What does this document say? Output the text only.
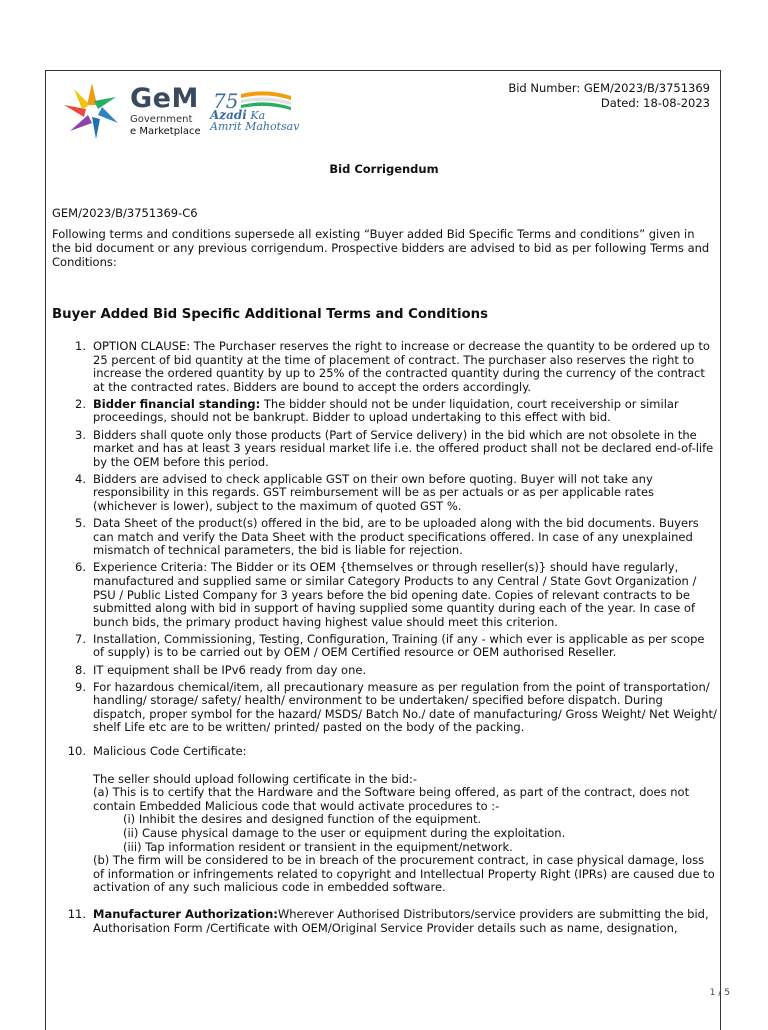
GeM
Government
e Marketplace
75
Azadi Ka
Amrit Mahotsav
Bid Number: GEM/2023/B/3751369
Dated: 18-08-2023
Bid Corrigendum
GEM/2023/B/3751369-C6
Following terms and conditions supersede all existing “Buyer added Bid Specific Terms and conditions” given in the bid document or any previous corrigendum. Prospective bidders are advised to bid as per following Terms and Conditions:
Buyer Added Bid Specific Additional Terms and Conditions
1. OPTION CLAUSE: The Purchaser reserves the right to increase or decrease the quantity to be ordered up to 25 percent of bid quantity at the time of placement of contract. The purchaser also reserves the right to increase the ordered quantity by up to 25% of the contracted quantity during the currency of the contract at the contracted rates. Bidders are bound to accept the orders accordingly.
2. Bidder financial standing: The bidder should not be under liquidation, court receivership or similar proceedings, should not be bankrupt. Bidder to upload undertaking to this effect with bid.
3. Bidders shall quote only those products (Part of Service delivery) in the bid which are not obsolete in the market and has at least 3 years residual market life i.e. the offered product shall not be declared end-of-life by the OEM before this period.
4. Bidders are advised to check applicable GST on their own before quoting. Buyer will not take any responsibility in this regards. GST reimbursement will be as per actuals or as per applicable rates (whichever is lower), subject to the maximum of quoted GST %.
5. Data Sheet of the product(s) offered in the bid, are to be uploaded along with the bid documents. Buyers can match and verify the Data Sheet with the product specifications offered. In case of any unexplained mismatch of technical parameters, the bid is liable for rejection.
6. Experience Criteria: The Bidder or its OEM {themselves or through reseller(s)} should have regularly, manufactured and supplied same or similar Category Products to any Central / State Govt Organization / PSU / Public Listed Company for 3 years before the bid opening date. Copies of relevant contracts to be submitted along with bid in support of having supplied some quantity during each of the year. In case of bunch bids, the primary product having highest value should meet this criterion.
7. Installation, Commissioning, Testing, Configuration, Training (if any - which ever is applicable as per scope of supply) is to be carried out by OEM / OEM Certified resource or OEM authorised Reseller.
8. IT equipment shall be IPv6 ready from day one.
9. For hazardous chemical/item, all precautionary measure as per regulation from the point of transportation/ handling/ storage/ safety/ health/ environment to be undertaken/ specified before dispatch. During dispatch, proper symbol for the hazard/ MSDS/ Batch No./ date of manufacturing/ Gross Weight/ Net Weight/ shelf Life etc are to be written/ printed/ pasted on the body of the packing.
10. Malicious Code Certificate:
The seller should upload following certificate in the bid:-
(a) This is to certify that the Hardware and the Software being offered, as part of the contract, does not contain Embedded Malicious code that would activate procedures to :-
(i) Inhibit the desires and designed function of the equipment.
(ii) Cause physical damage to the user or equipment during the exploitation.
(iii) Tap information resident or transient in the equipment/network.
(b) The firm will be considered to be in breach of the procurement contract, in case physical damage, loss of information or infringements related to copyright and Intellectual Property Right (IPRs) are caused due to activation of any such malicious code in embedded software.
11. Manufacturer Authorization:Wherever Authorised Distributors/service providers are submitting the bid, Authorisation Form /Certificate with OEM/Original Service Provider details such as name, designation,
1 / 5
